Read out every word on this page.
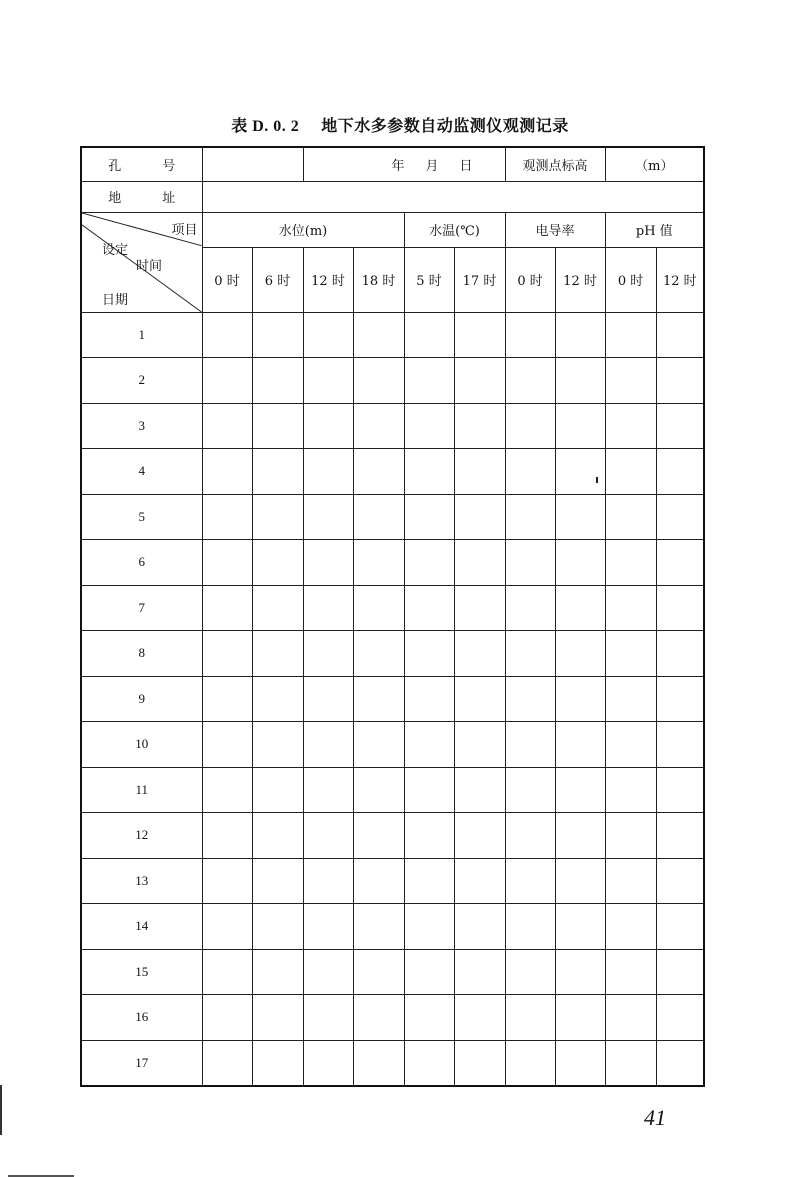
表 D. 0. 2 地下水多参数自动监测仪观测记录
孔　号			年　月　日				观测点标高		（m）	
地　址										

项目
设定
时间
日期	水位(m)				水温(℃)		电导率		pH 值	
	0 时	6 时	12 时	18 时	5 时	17 时	0 时	12 时	0 时	12 时
1										
2										
3										
4										
5										
6										
7										
8										
9										
10										
11										
12										
13										
14										
15										
16										
17										
41
